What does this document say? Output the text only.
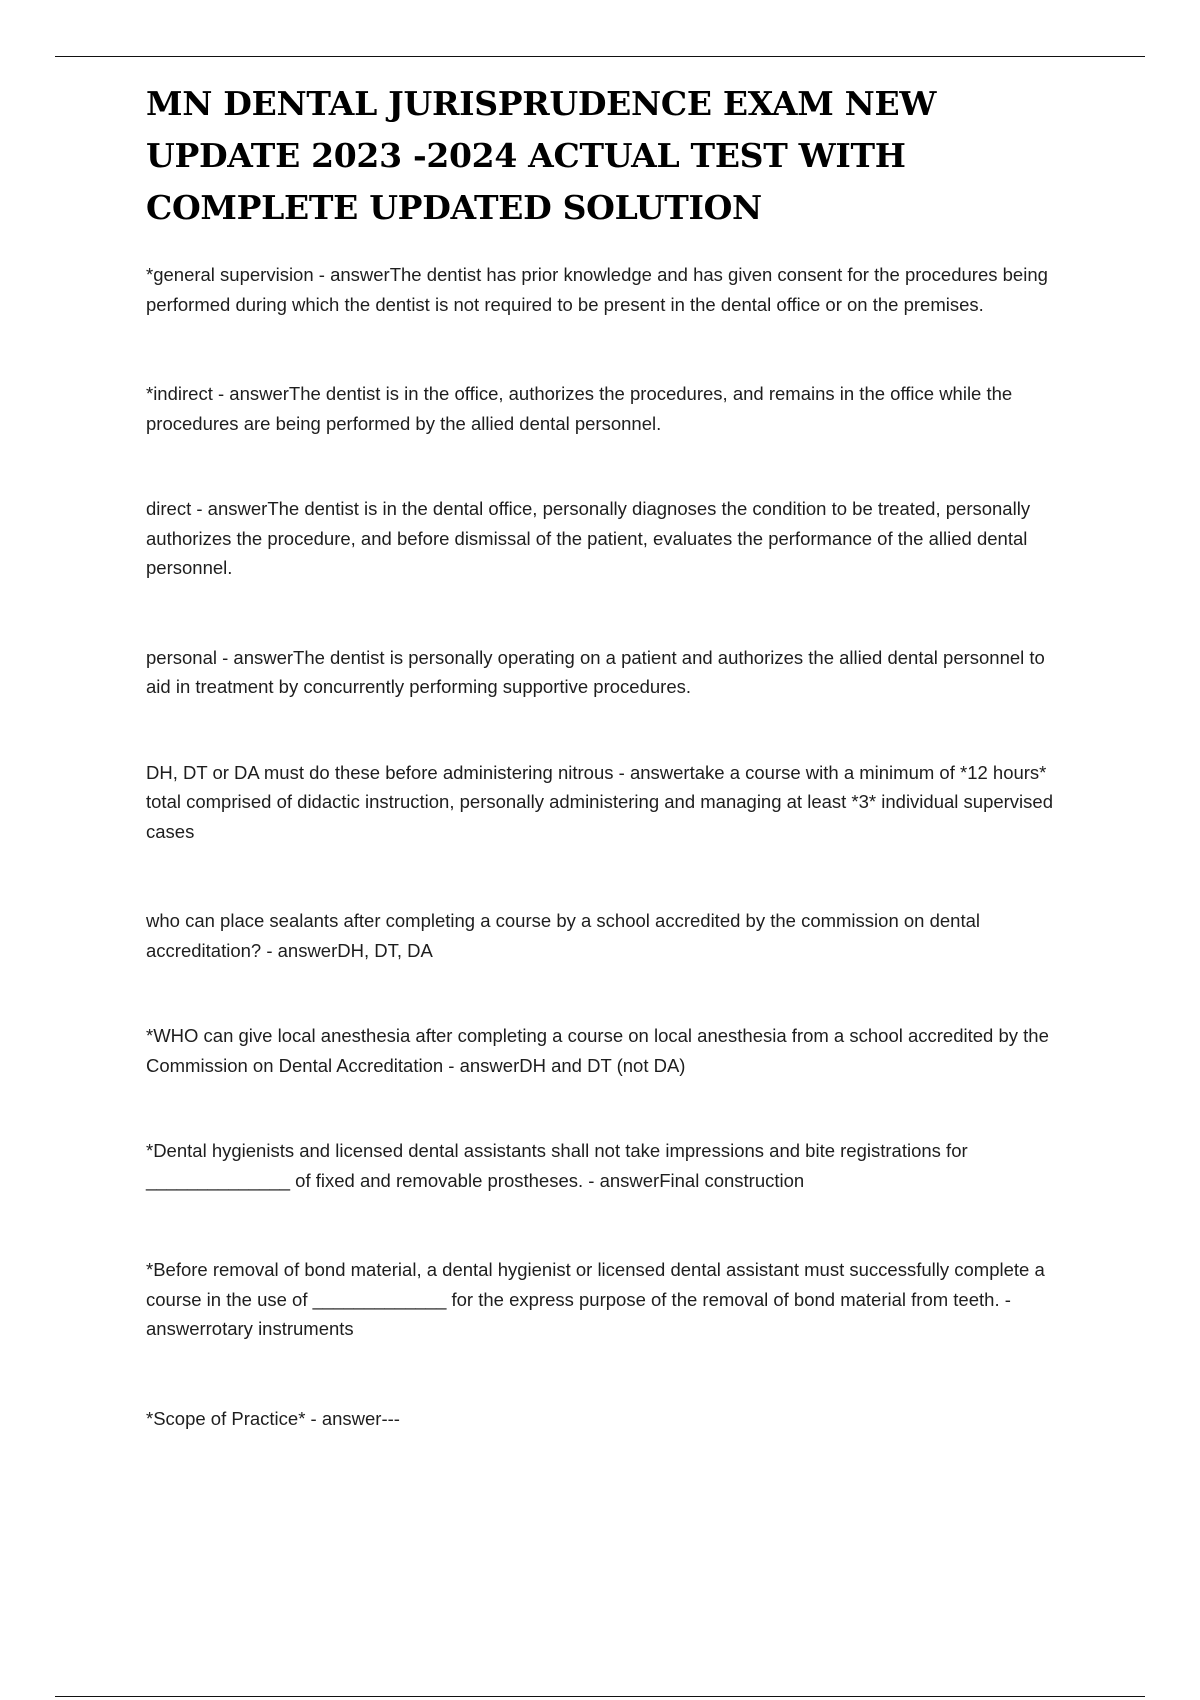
MN DENTAL JURISPRUDENCE EXAM NEW UPDATE 2023 -2024 ACTUAL TEST WITH COMPLETE UPDATED SOLUTION

*general supervision - answerThe dentist has prior knowledge and has given consent for the procedures being performed during which the dentist is not required to be present in the dental office or on the premises.

*indirect - answerThe dentist is in the office, authorizes the procedures, and remains in the office while the procedures are being performed by the allied dental personnel.

direct - answerThe dentist is in the dental office, personally diagnoses the condition to be treated, personally authorizes the procedure, and before dismissal of the patient, evaluates the performance of the allied dental personnel.

personal - answerThe dentist is personally operating on a patient and authorizes the allied dental personnel to aid in treatment by concurrently performing supportive procedures.

DH, DT or DA must do these before administering nitrous - answertake a course with a minimum of *12 hours* total comprised of didactic instruction, personally administering and managing at least *3* individual supervised cases

who can place sealants after completing a course by a school accredited by the commission on dental accreditation? - answerDH, DT, DA

*WHO can give local anesthesia after completing a course on local anesthesia from a school accredited by the Commission on Dental Accreditation - answerDH and DT (not DA)

*Dental hygienists and licensed dental assistants shall not take impressions and bite registrations for ______________ of fixed and removable prostheses. - answerFinal construction

*Before removal of bond material, a dental hygienist or licensed dental assistant must successfully complete a course in the use of _____________ for the express purpose of the removal of bond material from teeth. - answerrotary instruments

*Scope of Practice* - answer---
